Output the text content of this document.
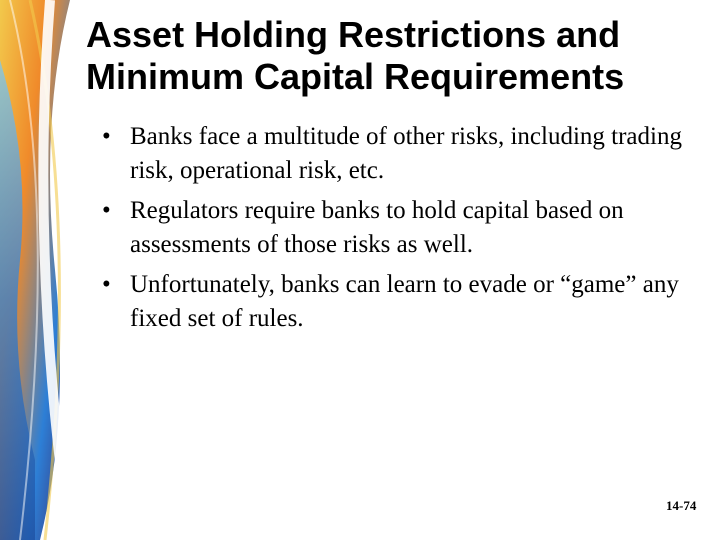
Asset Holding Restrictions and
Minimum Capital Requirements
• Banks face a multitude of other risks, including trading risk, operational risk, etc.
• Regulators require banks to hold capital based on assessments of those risks as well.
• Unfortunately, banks can learn to evade or “game” any fixed set of rules.
14-74
